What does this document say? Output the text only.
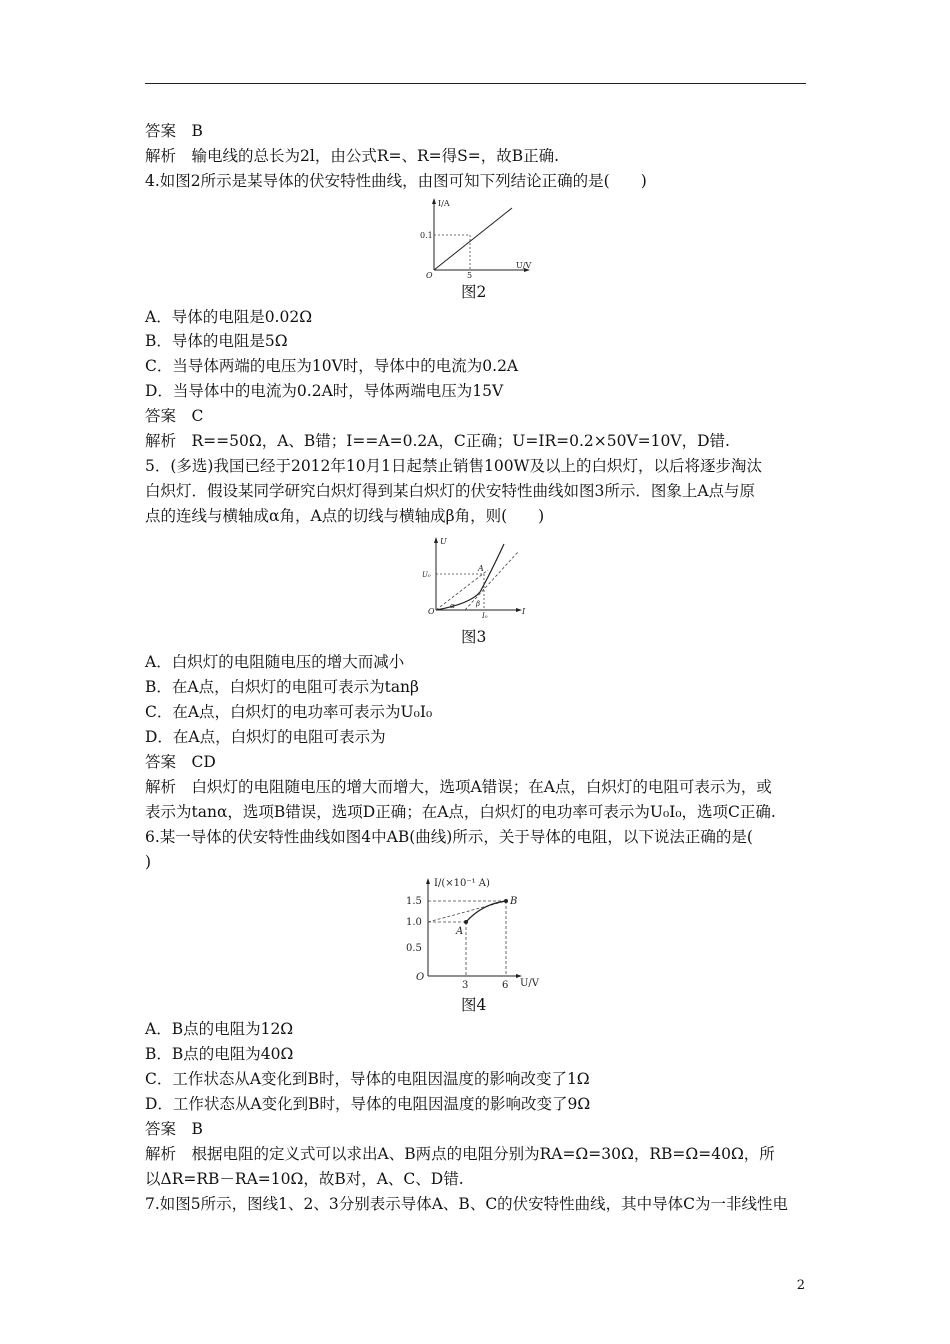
答案　B
解析　输电线的总长为2l，由公式R=、R=得S=，故B正确.
4.如图2所示是某导体的伏安特性曲线，由图可知下列结论正确的是(　　)
A．导体的电阻是0.02Ω
B．导体的电阻是5Ω
C．当导体两端的电压为10V时，导体中的电流为0.2A
D．当导体中的电流为0.2A时，导体两端电压为15V
答案　C
解析　R==50Ω，A、B错；I==A=0.2A，C正确；U=IR=0.2×50V=10V，D错.
5．(多选)我国已经于2012年10月1日起禁止销售100W及以上的白炽灯，以后将逐步淘汰
白炽灯．假设某同学研究白炽灯得到某白炽灯的伏安特性曲线如图3所示．图象上A点与原
点的连线与横轴成α角，A点的切线与横轴成β角，则(　　)
A．白炽灯的电阻随电压的增大而减小
B．在A点，白炽灯的电阻可表示为tanβ
C．在A点，白炽灯的电功率可表示为U₀I₀
D．在A点，白炽灯的电阻可表示为
答案　CD
解析　白炽灯的电阻随电压的增大而增大，选项A错误；在A点，白炽灯的电阻可表示为，或
表示为tanα，选项B错误，选项D正确；在A点，白炽灯的电功率可表示为U₀I₀，选项C正确.
6.某一导体的伏安特性曲线如图4中AB(曲线)所示，关于导体的电阻，以下说法正确的是(
)
A．B点的电阻为12Ω
B．B点的电阻为40Ω
C．工作状态从A变化到B时，导体的电阻因温度的影响改变了1Ω
D．工作状态从A变化到B时，导体的电阻因温度的影响改变了9Ω
答案　B
解析　根据电阻的定义式可以求出A、B两点的电阻分别为RA=Ω=30Ω，RB=Ω=40Ω，所
以ΔR=RB－RA=10Ω，故B对，A、C、D错.
7.如图5所示，图线1、2、3分别表示导体A、B、C的伏安特性曲线，其中导体C为一非线性电
I/A
U/V
O
0.1
5
图2
U
I
O
U₀
I₀
A
α	β
图3
I/(×10⁻¹ A)
U/V
O
1.5
1.0
0.5
3	6
A
B
图4
2
